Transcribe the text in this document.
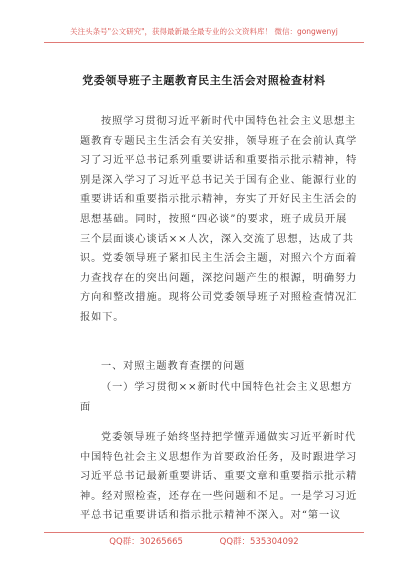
关注头条号"公文研究"，获得最新最全最专业的公文资料库！ 微信：gongwenyj
党委领导班子主题教育民主生活会对照检查材料
按照学习贯彻习近平新时代中国特色社会主义思想主
题教育专题民主生活会有关安排，领导班子在会前认真学
习了习近平总书记系列重要讲话和重要指示批示精神，特
别是深入学习了习近平总书记关于国有企业、能源行业的
重要讲话和重要指示批示精神，夯实了开好民主生活会的
思想基础。同时，按照“四必谈”的要求，班子成员开展
三个层面谈心谈话××人次，深入交流了思想，达成了共
识。党委领导班子紧扣民主生活会主题，对照六个方面着
力查找存在的突出问题，深挖问题产生的根源，明确努力
方向和整改措施。现将公司党委领导班子对照检查情况汇
报如下。
一、对照主题教育查摆的问题
（一）学习贯彻××新时代中国特色社会主义思想方
面
党委领导班子始终坚持把学懂弄通做实习近平新时代
中国特色社会主义思想作为首要政治任务，及时跟进学习
习近平总书记最新重要讲话、重要文章和重要指示批示精
神。经对照检查，还存在一些问题和不足。一是学习习近
平总书记重要讲话和指示批示精神不深入。对“第一议
QQ群：30265665	QQ群：535304092
